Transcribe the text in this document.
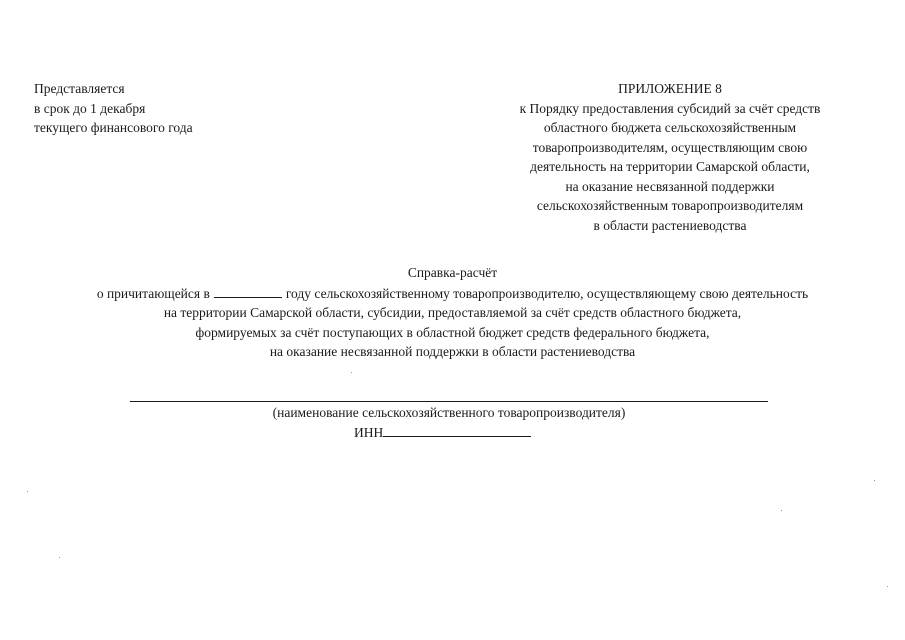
Представляется
в срок до 1 декабря
текущего финансового года
ПРИЛОЖЕНИЕ 8
к Порядку предоставления субсидий за счёт средств
областного бюджета сельскохозяйственным
товаропроизводителям, осуществляющим свою
деятельность на территории Самарской области,
на оказание несвязанной поддержки
сельскохозяйственным товаропроизводителям
в области растениеводства
Справка-расчёт
о причитающейся в	году сельскохозяйственному товаропроизводителю, осуществляющему свою деятельность
на территории Самарской области, субсидии, предоставляемой за счёт средств областного бюджета,
формируемых за счёт поступающих в областной бюджет средств федерального бюджета,
на оказание несвязанной поддержки в области растениеводства
(наименование сельскохозяйственного товаропроизводителя)
ИНН
